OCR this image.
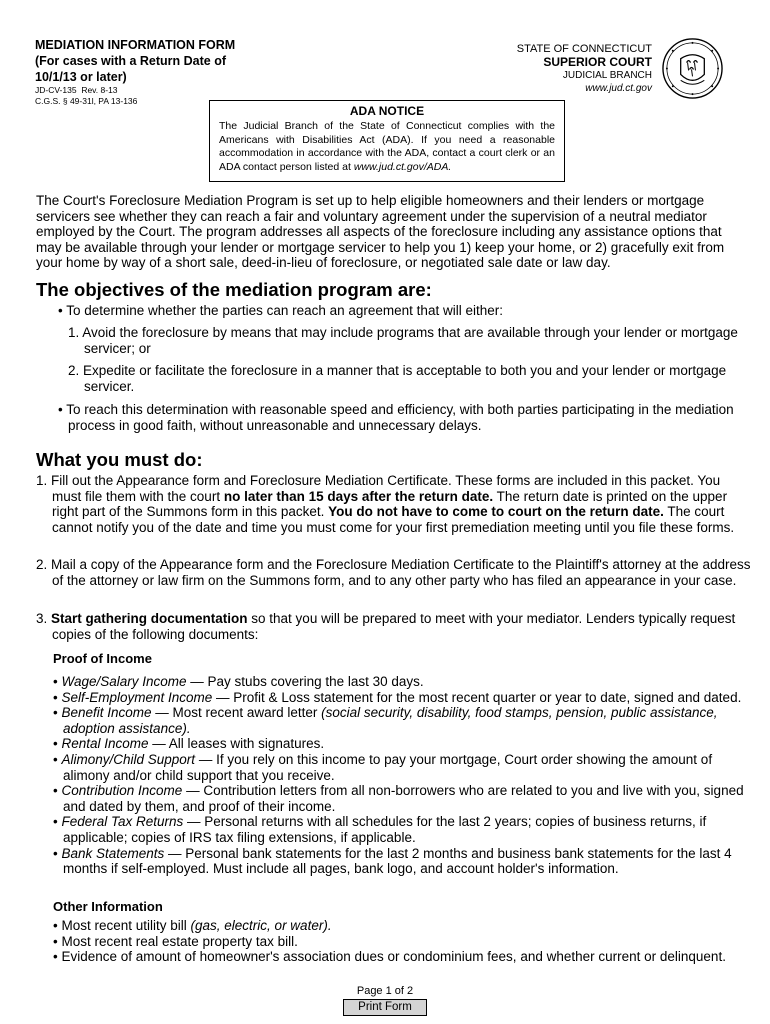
MEDIATION INFORMATION FORM
(For cases with a Return Date of
10/1/13 or later)
JD-CV-135 Rev. 8-13
C.G.S. § 49-31l, PA 13-136
STATE OF CONNECTICUT
SUPERIOR COURT
JUDICIAL BRANCH
www.jud.ct.gov
ADA NOTICE
The Judicial Branch of the State of Connecticut complies with the Americans with Disabilities Act (ADA). If you need a reasonable accommodation in accordance with the ADA, contact a court clerk or an ADA contact person listed at www.jud.ct.gov/ADA.
The Court's Foreclosure Mediation Program is set up to help eligible homeowners and their lenders or mortgage servicers see whether they can reach a fair and voluntary agreement under the supervision of a neutral mediator employed by the Court. The program addresses all aspects of the foreclosure including any assistance options that may be available through your lender or mortgage servicer to help you 1) keep your home, or 2) gracefully exit from your home by way of a short sale, deed-in-lieu of foreclosure, or negotiated sale date or law day.
The objectives of the mediation program are:

• To determine whether the parties can reach an agreement that will either:

1. Avoid the foreclosure by means that may include programs that are available through your lender or mortgage servicer; or

2. Expedite or facilitate the foreclosure in a manner that is acceptable to both you and your lender or mortgage servicer.

• To reach this determination with reasonable speed and efficiency, with both parties participating in the mediation process in good faith, without unreasonable and unnecessary delays.

What you must do:

1. Fill out the Appearance form and Foreclosure Mediation Certificate. These forms are included in this packet. You must file them with the court no later than 15 days after the return date. The return date is printed on the upper right part of the Summons form in this packet. You do not have to come to court on the return date. The court cannot notify you of the date and time you must come for your first premediation meeting until you file these forms.

2. Mail a copy of the Appearance form and the Foreclosure Mediation Certificate to the Plaintiff's attorney at the address of the attorney or law firm on the Summons form, and to any other party who has filed an appearance in your case.

3. Start gathering documentation so that you will be prepared to meet with your mediator. Lenders typically request copies of the following documents:

Proof of Income

• Wage/Salary Income — Pay stubs covering the last 30 days.

• Self-Employment Income — Profit & Loss statement for the most recent quarter or year to date, signed and dated.

• Benefit Income — Most recent award letter (social security, disability, food stamps, pension, public assistance, adoption assistance).

• Rental Income — All leases with signatures.

• Alimony/Child Support — If you rely on this income to pay your mortgage, Court order showing the amount of alimony and/or child support that you receive.

• Contribution Income — Contribution letters from all non-borrowers who are related to you and live with you, signed and dated by them, and proof of their income.

• Federal Tax Returns — Personal returns with all schedules for the last 2 years; copies of business returns, if applicable; copies of IRS tax filing extensions, if applicable.

• Bank Statements — Personal bank statements for the last 2 months and business bank statements for the last 4 months if self-employed. Must include all pages, bank logo, and account holder's information.

Other Information

• Most recent utility bill (gas, electric, or water).

• Most recent real estate property tax bill.

• Evidence of amount of homeowner's association dues or condominium fees, and whether current or delinquent.

Page 1 of 2
Print Form
